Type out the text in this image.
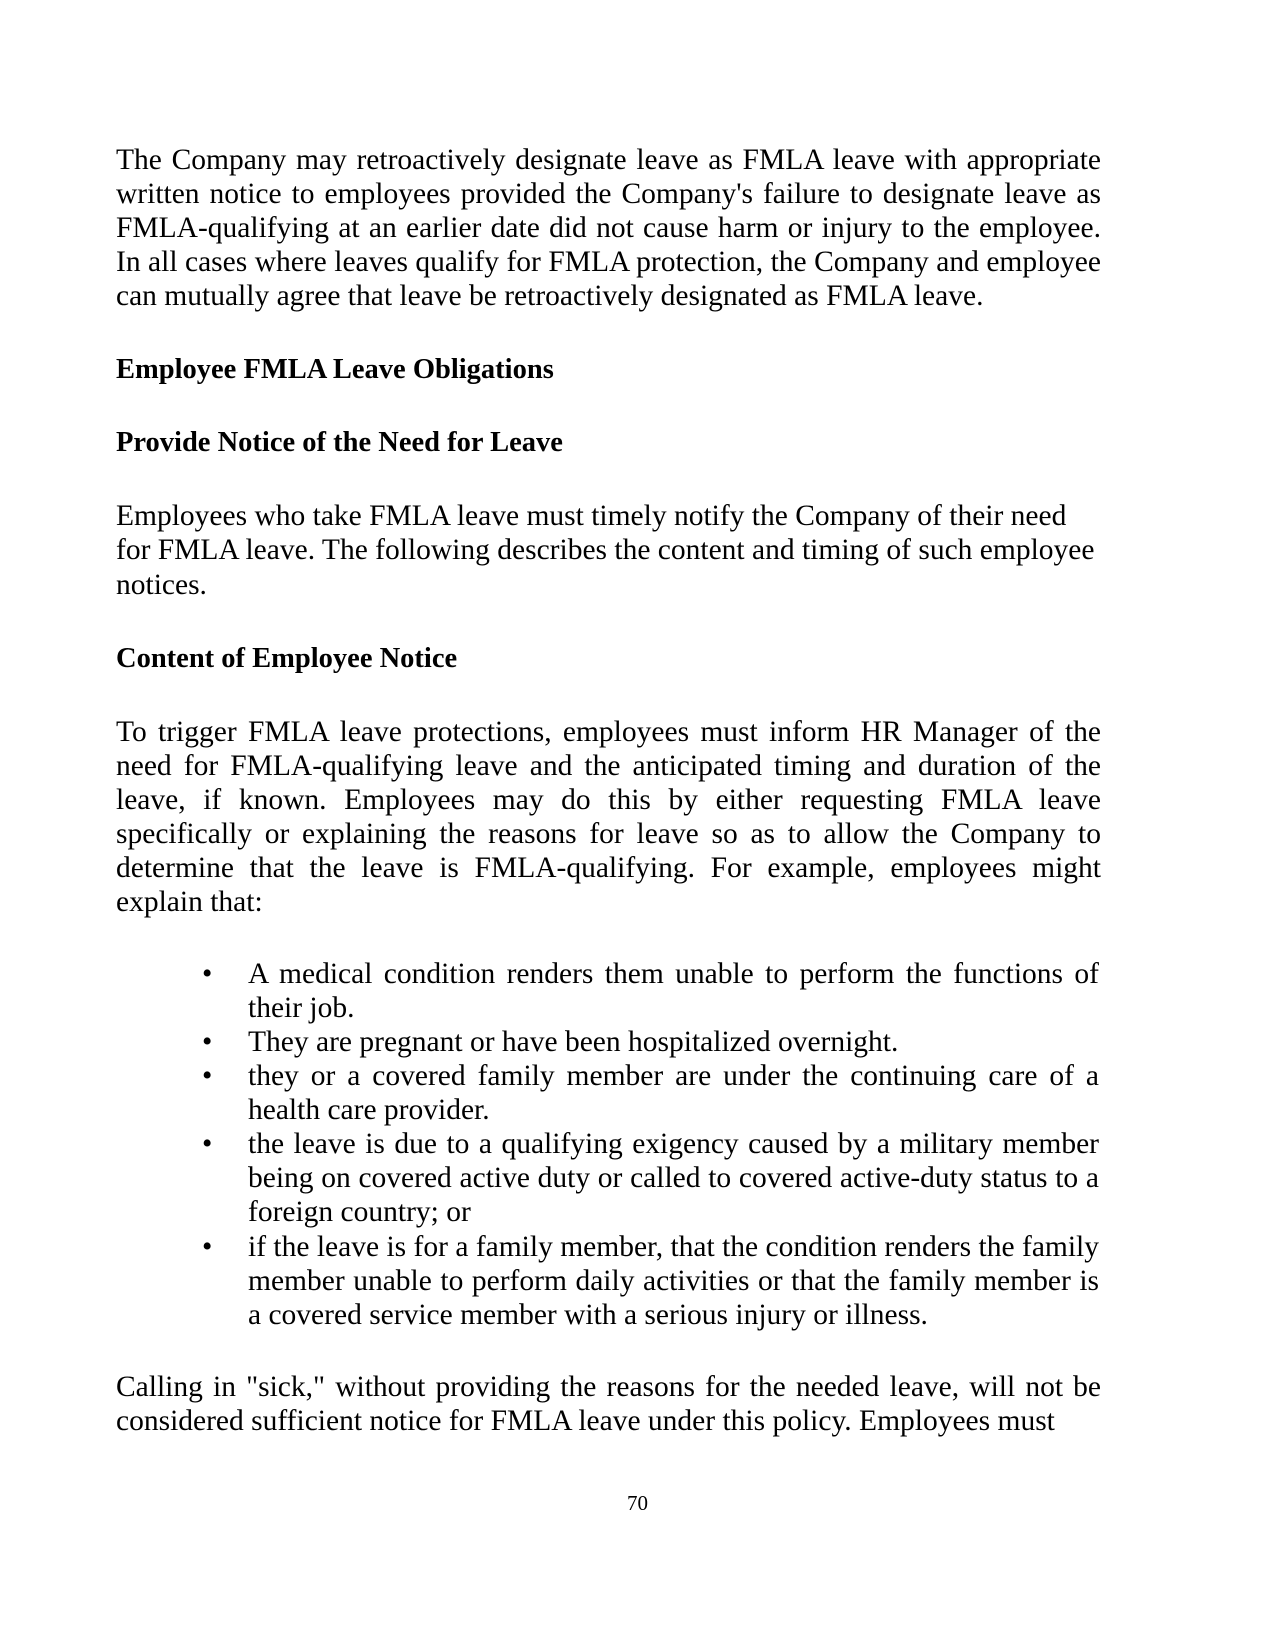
The Company may retroactively designate leave as FMLA leave with appropriate written notice to employees provided the Company's failure to designate leave as FMLA-qualifying at an earlier date did not cause harm or injury to the employee. In all cases where leaves qualify for FMLA protection, the Company and employee can mutually agree that leave be retroactively designated as FMLA leave.

Employee FMLA Leave Obligations
Provide Notice of the Need for Leave

Employees who take FMLA leave must timely notify the Company of their need for FMLA leave. The following describes the content and timing of such employee notices.

Content of Employee Notice

To trigger FMLA leave protections, employees must inform HR Manager of the need for FMLA-qualifying leave and the anticipated timing and duration of the leave, if known. Employees may do this by either requesting FMLA leave specifically or explaining the reasons for leave so as to allow the Company to determine that the leave is FMLA-qualifying. For example, employees might explain that:

•	A medical condition renders them unable to perform the functions of their job.
•	They are pregnant or have been hospitalized overnight.
•	they or a covered family member are under the continuing care of a health care provider.
•	the leave is due to a qualifying exigency caused by a military member being on covered active duty or called to covered active-duty status to a foreign country; or
•	if the leave is for a family member, that the condition renders the family member unable to perform daily activities or that the family member is a covered service member with a serious injury or illness.

Calling in "sick," without providing the reasons for the needed leave, will not be considered sufficient notice for FMLA leave under this policy. Employees must

70
